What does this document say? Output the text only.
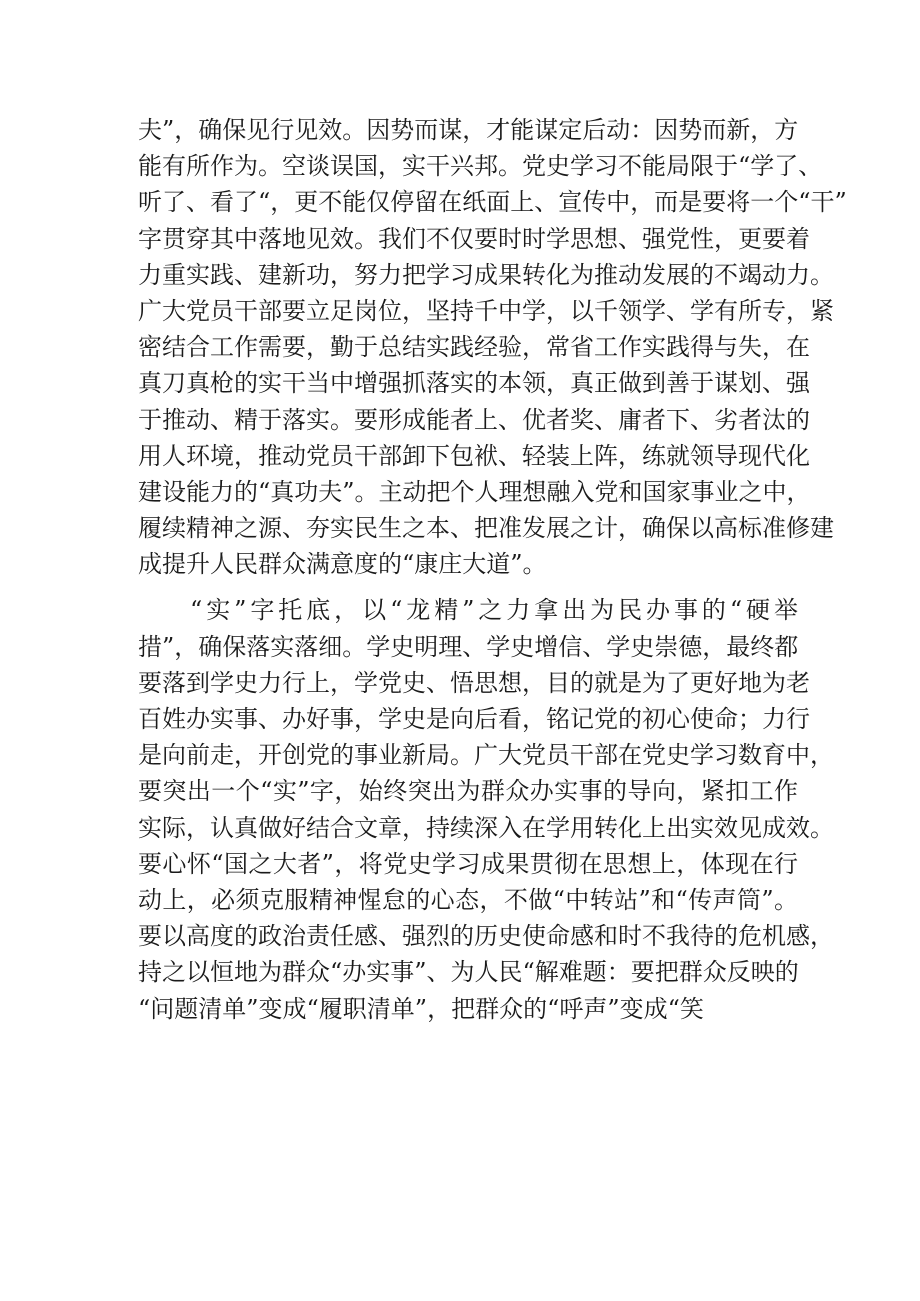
夫”，确保见行见效。因势而谋，才能谋定后动：因势而新，方
能有所作为。空谈误国，实干兴邦。党史学习不能局限于“学了、
听了、看了“，更不能仅停留在纸面上、宣传中，而是要将一个“干”
字贯穿其中落地见效。我们不仅要时时学思想、强党性，更要着
力重实践、建新功，努力把学习成果转化为推动发展的不竭动力。
广大党员干部要立足岗位，坚持千中学，以千领学、学有所专，紧
密结合工作需要，勤于总结实践经验，常省工作实践得与失，在
真刀真枪的实干当中增强抓落实的本领，真正做到善于谋划、强
于推动、精于落实。要形成能者上、优者奖、庸者下、劣者汰的
用人环境，推动党员干部卸下包袱、轻装上阵，练就领导现代化
建设能力的“真功夫”。主动把个人理想融入党和国家事业之中，
履续精神之源、夯实民生之本、把准发展之计，确保以高标准修建
成提升人民群众满意度的“康庄大道”。
“实”字托底，以“龙精”之力拿出为民办事的“硬举
措”，确保落实落细。学史明理、学史增信、学史崇德，最终都
要落到学史力行上，学党史、悟思想，目的就是为了更好地为老
百姓办实事、办好事，学史是向后看，铭记党的初心使命；力行
是向前走，开创党的事业新局。广大党员干部在党史学习数育中，
要突出一个“实”字，始终突出为群众办实事的导向，紧扣工作
实际，认真做好结合文章，持续深入在学用转化上出实效见成效。
要心怀“国之大者”，将党史学习成果贯彻在思想上，体现在行
动上，必须克服精神惺怠的心态，不做“中转站”和“传声筒”。
要以高度的政治责任感、强烈的历史使命感和时不我待的危机感，
持之以恒地为群众“办实事”、为人民“解难题：要把群众反映的
“问题清单”变成“履职清单”，把群众的“呼声”变成“笑
